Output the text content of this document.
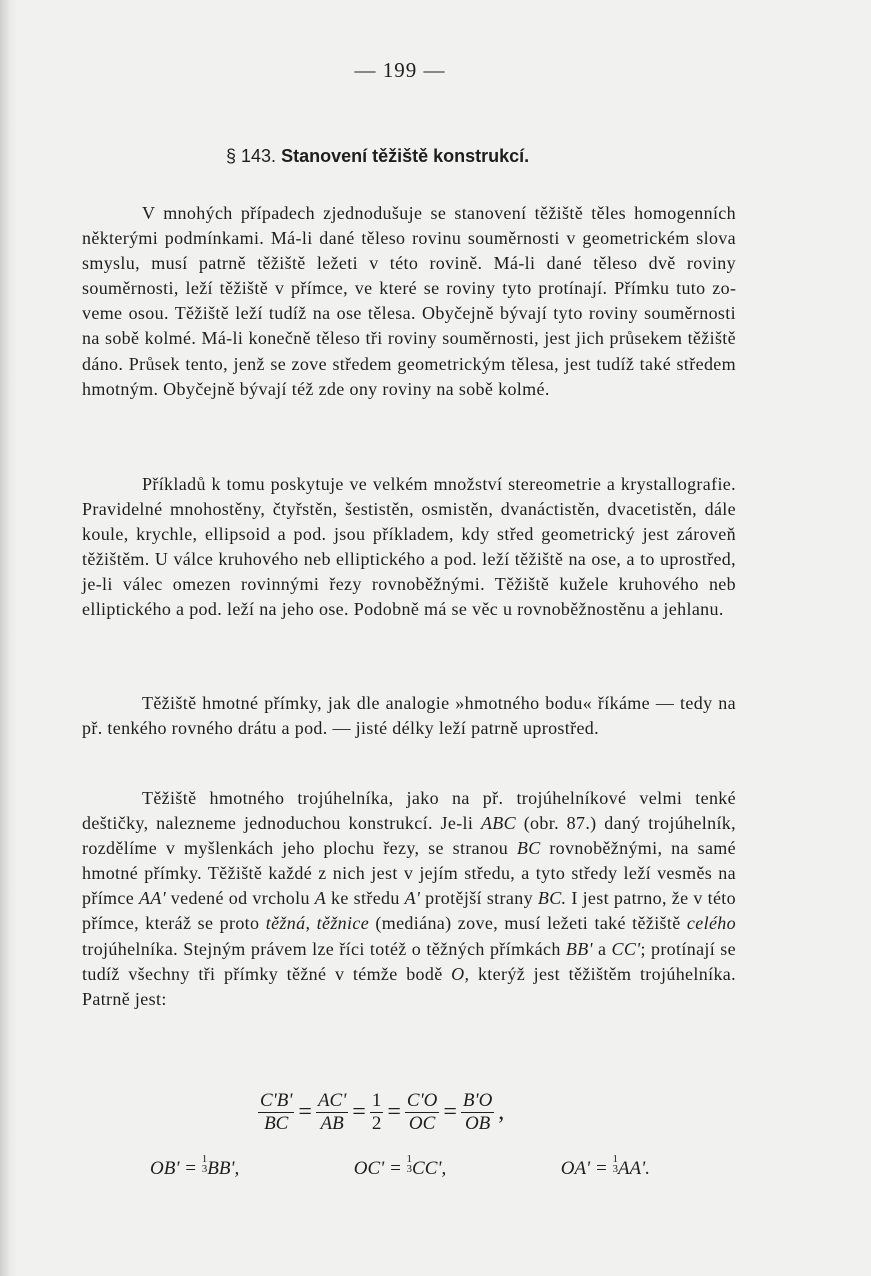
— 199 —
§ 143. Stanovení těžiště konstrukcí.

V mnohých případech zjednodušuje se stanovení těžiště těles homogenních některými podmínkami. Má-li dané těleso rovinu souměrnosti v geometrickém slova smyslu, musí patrně těžiště ležeti v této rovině. Má-li dané těleso dvě roviny souměrnosti, leží těžiště v přímce, ve které se roviny tyto protínají. Přímku tuto zoveme osou. Těžiště leží tudíž na ose tělesa. Obyčejně bývají tyto roviny souměrnosti na sobě kolmé. Má-li konečně těleso tři roviny souměrnosti, jest jich průsekem těžiště dáno. Průsek tento, jenž se zove středem geometrickým tělesa, jest tudíž také středem hmotným. Obyčejně bývají též zde ony roviny na sobě kolmé.

Příkladů k tomu poskytuje ve velkém množství stereometrie a krystallografie. Pravidelné mnohostěny, čtyřstěn, šestistěn, osmistěn, dvanáctistěn, dvacetistěn, dále koule, krychle, ellipsoid a pod. jsou příkladem, kdy střed geometrický jest zároveň těžištěm. U válce kruhového neb elliptického a pod. leží těžiště na ose, a to uprostřed, je-li válec omezen rovinnými řezy rovnoběžnými. Těžiště kužele kruhového neb elliptického a pod. leží na jeho ose. Podobně má se věc u rovnoběžnostěnu a jehlanu.

Těžiště hmotné přímky, jak dle analogie »hmotného bodu« říkáme — tedy na př. tenkého rovného drátu a pod. — jisté délky leží patrně uprostřed.

Těžiště hmotného trojúhelníka, jako na př. trojúhelníkové velmi tenké deštičky, nalezneme jednoduchou konstrukcí. Je-li ABC (obr. 87.) daný trojúhelník, rozdělíme v myšlenkách jeho plochu řezy, se stranou BC rovnoběžnými, na samé hmotné přímky. Těžiště každé z nich jest v jejím středu, a tyto středy leží vesměs na přímce AA' vedené od vrcholu A ke středu A' protější strany BC. I jest patrno, že v této přímce, kteráž se proto těžná, těžnice (mediána) zove, musí ležeti také těžiště celého trojúhelníka. Stejným právem lze říci totéž o těžných přímkách BB' a CC'; protínají se tudíž všechny tři přímky těžné v témže bodě O, kterýž jest těžištěm trojúhelníka. Patrně jest:

$\frac{C'B'}{BC} = \frac{AC'}{AB} = \frac{1}{2} = \frac{C'O}{OC} = \frac{B'O}{OB}$ ,
OB' = 1
3 BB',	OC' = 1
3 CC',	OA' = 1
3 AA'.
